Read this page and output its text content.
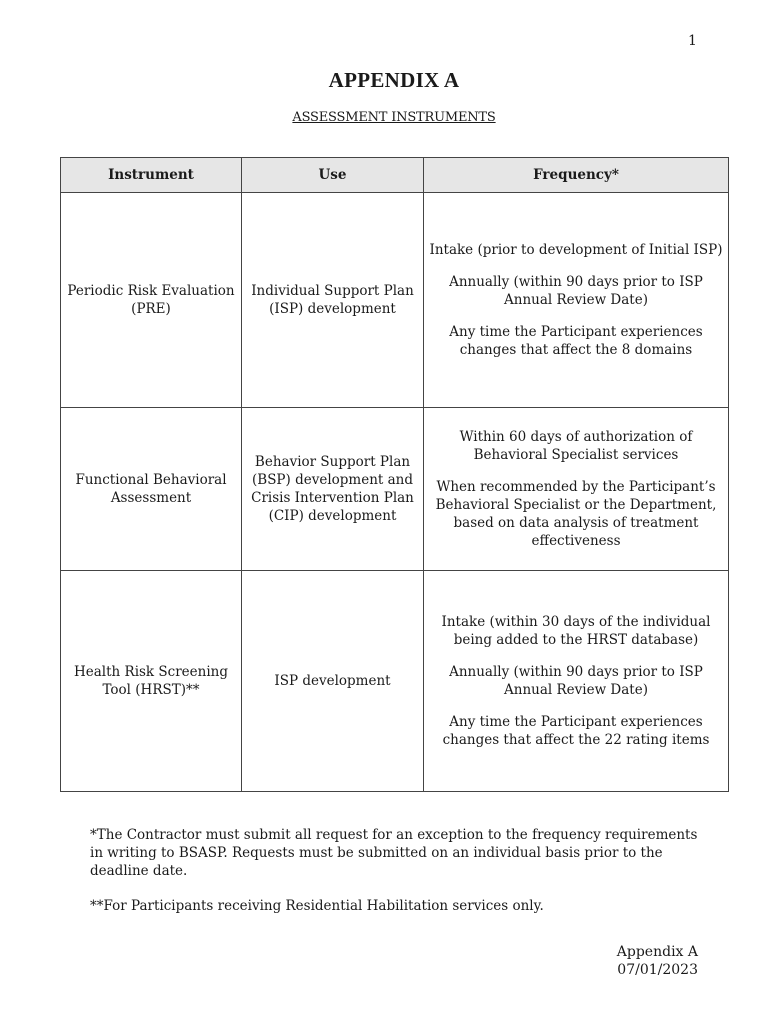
1
APPENDIX A
ASSESSMENT INSTRUMENTS
Instrument	Use	Frequency*
Periodic Risk Evaluation (PRE)	Individual Support Plan (ISP) development	Intake (prior to development of Initial ISP)
Annually (within 90 days prior to ISP Annual Review Date)
Any time the Participant experiences changes that affect the 8 domains

Functional Behavioral Assessment	Behavior Support Plan (BSP) development and Crisis Intervention Plan (CIP) development	Within 60 days of authorization of Behavioral Specialist services
When recommended by the Participant’s Behavioral Specialist or the Department, based on data analysis of treatment effectiveness

Health Risk Screening Tool (HRST)**	ISP development	Intake (within 30 days of the individual being added to the HRST database)
Annually (within 90 days prior to ISP Annual Review Date)
Any time the Participant experiences changes that affect the 22 rating items

*The Contractor must submit all request for an exception to the frequency requirements in writing to BSASP. Requests must be submitted on an individual basis prior to the deadline date.

**For Participants receiving Residential Habilitation services only.

Appendix A
07/01/2023
